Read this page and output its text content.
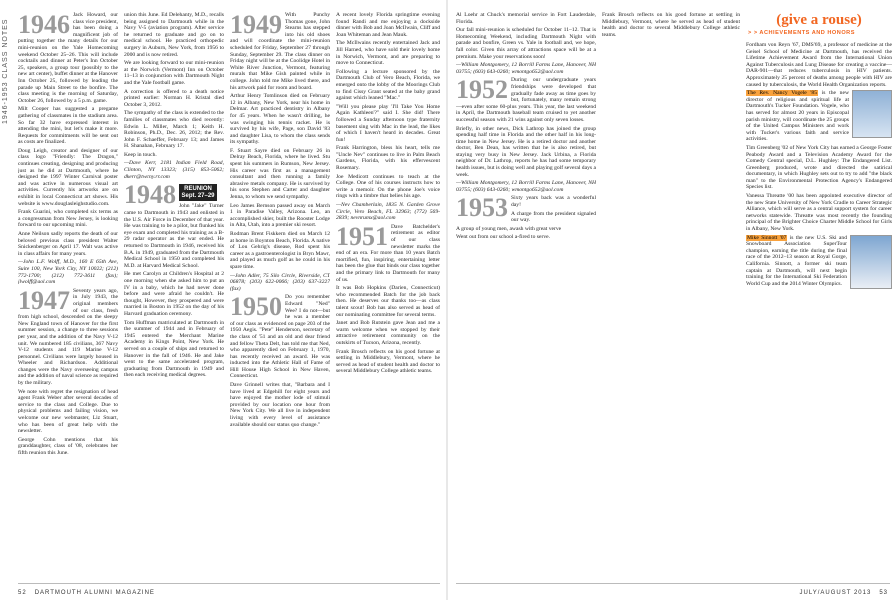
1946-1953 CLASS NOTES 1946 Jack Howard, our class vice president, has been doing a magnificent job of putting together the many details for our mini-reunion on the Yale Homecoming weekend October 25–26. This will include cocktails and dinner at Peter's Inn October 25, speakers, a group tour (possibly to the new art center), buffet dinner at the Hanover Inn October 25, followed by leading the parade up Main Street to the bonfire. The class meeting is the morning of Saturday, October 26, followed by a 5 p.m. game.
Milt Cooper has suggested a pregame gathering of classmates in the stadium area. So far 32 have expressed interest in attending the mini, but let's make it more. Requests for commitments will be sent out as costs are finalized.
Doug Leigh, creator and designer of our class logo "Friendly: The Dragon," continues creating, designing and producing just as he did at Dartmouth, where he designed the 1997 Winter Carnival poster and was active in numerous visual art activities. Currently his artworks are on exhibit in local Connecticut art shows. His website is www.douglasleighstudio.com.
Frank Guarini, who completed six terms as a congressman from New Jersey, is looking forward to our upcoming mini.
Anne Neilson sadly reports the death of our beloved previous class president Walter Snickenberger on April 17. Walt was active in class affairs for many years.
—John L.F. Wolff, M.D., 160 E 65th Ave, Suite 100, New York City, NY 10022; (212) 772-1700; (212) 772-3611 (fax); jlwolff@aol.com
1947 Seventy years ago, in July 1943, the original members of our class, fresh from high school, descended on the sleepy New England town of Hanover for the first summer session, a change to three sessions per year, and the addition of the Navy V-12 unit. We numbered 185 civilians, 367 Navy V-12 students and 119 Marine V-12 personnel. Civilians were largely housed in Wheeler and Richardson. Additional changes were the Navy overseeing campus and the addition of naval science as required by the military.
We note with regret the resignation of head agent Frank Weber after several decades of service to the class and College. Due to physical problems and failing vision, we welcome our new webmaster, Liz Stuart, who has been of great help with the newsletter.
George Cohn mentions that his granddaughter, class of '08, celebrates her fifth reunion this June.
union this June. Ed Delehanty, M.D., recalls being assigned to Dartmouth while in the Navy V-5 (aviation program). After service he returned to graduate and go on to medical school. He practiced orthopedic surgery in Auburn, New York, from 1956 to 2000 and is now retired.
We are looking forward to our mini-reunion at the Norwich (Vermont) Inn on October 11–13 in conjunction with Dartmouth Night and the Yale football game.
A correction is offered to a death notice printed earlier: Norman H. Kristal died October 3, 2012.
The sympathy of the class is extended to the families of classmates who died recently: Edwin L. Miller, March 1; Keith H. Robinson, Ph.D., Dec. 26, 2012; the Rev. John F. Schaeffer, February 13; and James H. Shanahan, February 17.
Keep in touch.
—Dave Kerr, 2181 Indian Field Road, Clinton, NY 13323; (315) 853-5062; dkerr@twcny.rr.com
1948	REUNION
Sept. 27–29
John "Jake" Turner came to Dartmouth in 1943 and enlisted in the U.S. Air Force in December of that year. He was training to be a pilot, but flunked his eye exam and completed his training as a B-29 radar operator as the war ended. He returned to Dartmouth in 1946, received his B.A. in 1949, graduated from the Dartmouth Medical School in 1950 and completed his M.D. at Harvard Medical School.
He met Carolyn at Children's Hospital at 2 one morning when she asked him to put an IV in a baby, which he had never done before and were afraid he couldn't. He thought, However, they prospered and were married in Boston in 1952 on the day of his Harvard graduation ceremony.
Tom Huffman matriculated at Dartmouth in the summer of 1944 and in February of 1945 entered the Merchant Marine Academy in Kings Point, New York. He served on a couple of ships and returned to Hanover in the fall of 1946. He and Jake went to the same accelerated program, graduating from Dartmouth in 1949 and then each receiving medical degrees.
1949 With Punchy Thomas gone, John Stearns has stepped into his old shoes and will coordinate the mini-reunion scheduled for Friday, September 27 through Sunday, September 29. The class dinner on Friday night will be at the Coolidge Hotel in White River Junction, Vermont, featuring murals that Mike Gish painted while in college. John told me Mike lived there, and his artwork paid for room and board.
Arthur Henry Tomlinson died on February 12 in Albany, New York, near his home in Delmar. Art practiced dentistry in Albany for 45 years. When he wasn't drilling, he was swinging his tennis racket. He is survived by his wife, Page, son David '83 and daughter Lisa, to whom the class sends its sympathy.
F. Stuart Sayre died on February 26 in Delray Beach, Florida, where he lived. Stu spent his summers in Rumson, New Jersey. His career was first as a management consultant and then running a family abrasive metals company. He is survived by his sons Stephen and Carter and daughter Jenna, to whom we send sympathy.
Leo James Bernson passed away on March 1 in Paradise Valley, Arizona. Leo, an accomplished skier, built the Rooster Lodge in Alta, Utah, into a premier ski resort.
Rodman Brent Fiskkern died on March 12 at home in Boynton Beach, Florida. A native of Lou Gehrig's disease, Rod spent his career as a gastroenterologist in Bryn Mawr, and played as much golf as he could in his spare time.
—John Adler, 75 Silo Circle, Riverside, CT 06878; (203) 622-0066; (203) 637-3227 (fax)
1950 Do you remember Edward "Ned" Wee? I do not—but he was a member of our class as evidenced on page 203 of the 1950 Aegis. "Pete" Henderson, secretary of the class of '51 and an old and dear friend and fellow Theta Delt, has told me that Ned, who apparently died on February 1, 1970, has recently received an award. He was inducted into the Athletic Hall of Fame of Hill House High School in New Haven, Connecticut.
Dave Grinnell writes that, "Barbara and I have lived at Edgehill for eight years and have enjoyed the mother lode of stimuli provided by our location one hour from New York City. We all live in independent living with every level of assistance available should our status quo change."
A recent lovely Florida springtime evening found Randi and me enjoying a dockside dinner with Bob and Joan McIlwain, Cliff and Joan Whiteman and Jean Mauk.
The McIlwains recently entertained Jack and Jill Harned, who have sold their lovely home in Norwich, Vermont, and are preparing to move to Connecticut.
Following a lecture sponsored by the Dartmouth Club of Vero Beach, Florida, we emerged onto the lobby of the Moorings Club to find Cissy Grant seated at the baby grand against which leaned "Mac."
"Will you please play 'I'll Take You Home Again Kathleen'?" said I. She did! There followed a Sunday afternoon type fraternity basement sing with Mac in the lead, the likes of which I haven't heard in decades. Great fun!
Frank Harrington, bless his heart, tells me "Uncle Nev" continues to live in Palm Beach Gardens, Florida, with his effervescent Rosemary.
Joe Medicott continues to teach at the College. One of his courses instructs how to write a memoir. On the phone Joe's voice rings with a timbre that belies his age.
—Nev Chamberlain, 1835 N. Garden Grove Circle, Vero Beach, FL 32963; (772) 569-2839; nevnrumx@aol.com
1951 Dave Batchelder's retirement as editor of our class newsletter marks the end of an era. For more than 10 years Batch mortified, fun, inspiring, entertaining letter has been the glue that binds our class together and the primary link to Dartmouth for many of us.
It was Bob Hopkins (Darien, Connecticut) who recommended Batch for the job back then. He deserves our thanks too—as class talent scout! Bob has also served as head of our nominating committee for several terms.
Janet and Bob Rutstein gave Jean and me a warm welcome when we stopped by their attractive retirement community on the outskirts of Tucson, Arizona, recently.
Frank Brosch reflects on his good fortune at settling in Middlebury, Vermont, where he served as head of student health and doctor to several Middlebury College athletic teams.
52 DARTMOUTH ALUMNI MAGAZINE
Al Loehr at Chuck's memorial service in Fort Lauderdale, Florida.
Our fall mini-reunion is scheduled for October 11–12. That is Homecoming Weekend, including Dartmouth Night with parade and bonfire, Green vs. Yale in football and, we hope, fall color. Given this array of attractions space will be at a premium. Make your reservations soon!
—William Montgomery, 12 Borrill Farms Lane, Hanover, NH 03755; (603) 643-0260; wmontgo652@aol.com
1952 During our undergraduate years friendships were developed that gradually fade away as time goes by but, fortunately, many remain strong—even after some 60-plus years. This year, the last weekend in April, the Dartmouth baseball team cruised to yet another successful season with 21 wins against only seven losses.
Briefly, in other news, Dick Lathrop has joined the group spending half time in Florida and the other half in his long-time home in New Jersey. He is a retired doctor and another doctor, Ben Dean, has written that he is also retired, but staying very busy in New Jersey. Jack Urbina, a Florida neighbor of Dr. Lathrop, reports he has had some temporary health issues, but is doing well and playing golf several days a week.
—William Montgomery, 12 Borrill Farms Lane, Hanover, NH 03755; (603) 643-0260; wmontgo652@aol.com
1953 Sixty years back was a wonderful day!
A charge from the president signaled our way.
A group of young men, awash with great verve
Went out from our school a-fired to serve.
Frank Brosch reflects on his good fortune at settling in Middlebury, Vermont, where he served as head of student health and doctor to several Middlebury College athletic teams.
(give a rouse)
> > ACHIEVEMENTS AND HONORS
Fordham von Reyn '67, DMS'69, a professor of medicine at the Geisel School of Medicine at Dartmouth, has received the Lifetime Achievement Award from the International Union Against Tuberculosis and Lung Disease for creating a vaccine—DAR-901—that reduces tuberculosis in HIV patients. Approximately 25 percent of deaths among people with HIV are caused by tuberculosis, the World Health Organization reports.
The Rev. Nancy Vogele '85 is the new director of religious and spiritual life at Dartmouth's Tucker Foundation. Vogele, who has served for almost 20 years in Episcopal parish ministry, will coordinate the 25 groups of the United Campus Ministers and work with Tucker's various faith and service activities.
Tim Greenberg '02 of New York City has earned a George Foster Peabody Award and a Television Academy Award for the Comedy Central special, D.L. Hughley: The Endangered List. Greenberg produced, wrote and directed the satirical documentary, in which Hughley sets out to try to add "the black man" to the Environmental Protection Agency's Endangered Species list.
Vanessa Threatte '00 has been appointed executive director of the new State University of New York Cradle to Career Strategic Alliance, which will serve as a central support system for career networks statewide. Threatte was most recently the founding principal of the Brighter Choice Charter Middle School for Girls in Albany, New York.
Mike Sinnott '07 is the new U.S. Ski and Snowboard Association SuperTour champion, earning the title during the final race of the 2012–13 season at Royal Gorge, California. Sinnott, a former ski team captain at Dartmouth, will next begin training for the International Ski Federation World Cup and the 2014 Winter Olympics.
JULY/AUGUST 2013 53
